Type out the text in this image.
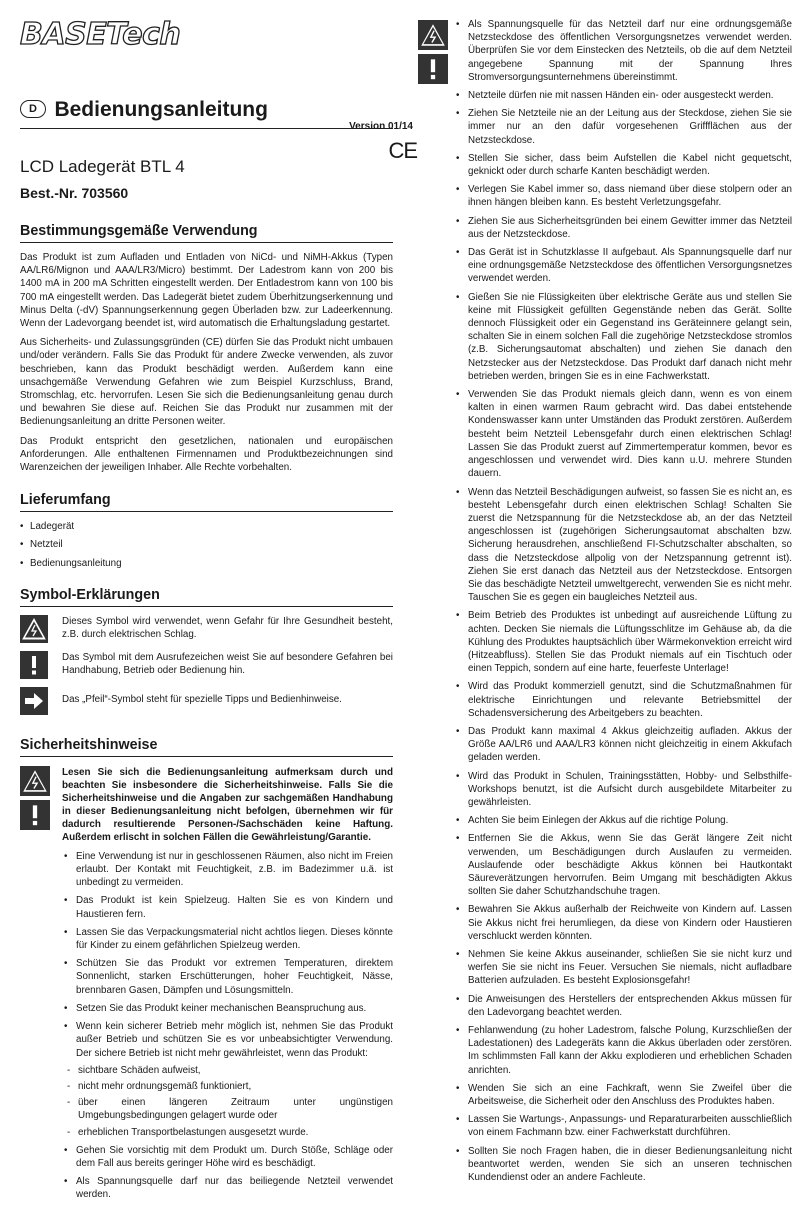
BASETech
D Bedienungsanleitung
Version 01/14
CE
LCD Ladegerät BTL 4
Best.-Nr. 703560
Bestimmungsgemäße Verwendung

Das Produkt ist zum Aufladen und Entladen von NiCd- und NiMH-Akkus (Typen AA/LR6/Mignon und AAA/LR3/Micro) bestimmt. Der Ladestrom kann von 200 bis 1400 mA in 200 mA Schritten eingestellt werden. Der Entladestrom kann von 100 bis 700 mA eingestellt werden. Das Ladegerät bietet zudem Überhitzungserkennung und Minus Delta (-dV) Spannungserkennung gegen Überladen bzw. zur Ladeerkennung. Wenn der Ladevorgang beendet ist, wird automatisch die Erhaltungsladung gestartet.

Aus Sicherheits- und Zulassungsgründen (CE) dürfen Sie das Produkt nicht umbauen und/oder verändern. Falls Sie das Produkt für andere Zwecke verwenden, als zuvor beschrieben, kann das Produkt beschädigt werden. Außerdem kann eine unsachgemäße Verwendung Gefahren wie zum Beispiel Kurzschluss, Brand, Stromschlag, etc. hervorrufen. Lesen Sie sich die Bedienungsanleitung genau durch und bewahren Sie diese auf. Reichen Sie das Produkt nur zusammen mit der Bedienungsanleitung an dritte Personen weiter.

Das Produkt entspricht den gesetzlichen, nationalen und europäischen Anforderungen. Alle enthaltenen Firmennamen und Produktbezeichnungen sind Warenzeichen der jeweiligen Inhaber. Alle Rechte vorbehalten.

Lieferumfang
• Ladegerät
• Netzteil
• Bedienungsanleitung
Symbol-Erklärungen
Dieses Symbol wird verwendet, wenn Gefahr für Ihre Gesundheit besteht, z.B. durch elektrischen Schlag.
Das Symbol mit dem Ausrufezeichen weist Sie auf besondere Gefahren bei Handhabung, Betrieb oder Bedienung hin.
Das „Pfeil“-Symbol steht für spezielle Tipps und Bedienhinweise.
Sicherheitshinweise
Lesen Sie sich die Bedienungsanleitung aufmerksam durch und beachten Sie insbesondere die Sicherheitshinweise. Falls Sie die Sicherheitshinweise und die Angaben zur sachgemäßen Handhabung in dieser Bedienungsanleitung nicht befolgen, übernehmen wir für dadurch resultierende Personen-/Sachschäden keine Haftung. Außerdem erlischt in solchen Fällen die Gewährleistung/Garantie.
• Eine Verwendung ist nur in geschlossenen Räumen, also nicht im Freien erlaubt. Der Kontakt mit Feuchtigkeit, z.B. im Badezimmer u.ä. ist unbedingt zu vermeiden.
• Das Produkt ist kein Spielzeug. Halten Sie es von Kindern und Haustieren fern.
• Lassen Sie das Verpackungsmaterial nicht achtlos liegen. Dieses könnte für Kinder zu einem gefährlichen Spielzeug werden.
• Schützen Sie das Produkt vor extremen Temperaturen, direktem Sonnenlicht, starken Erschütterungen, hoher Feuchtigkeit, Nässe, brennbaren Gasen, Dämpfen und Lösungsmitteln.
• Setzen Sie das Produkt keiner mechanischen Beanspruchung aus.
• Wenn kein sicherer Betrieb mehr möglich ist, nehmen Sie das Produkt außer Betrieb und schützen Sie es vor unbeabsichtigter Verwendung. Der sichere Betrieb ist nicht mehr gewährleistet, wenn das Produkt:
- sichtbare Schäden aufweist,
- nicht mehr ordnungsgemäß funktioniert,
- über einen längeren Zeitraum unter ungünstigen Umgebungsbedingungen gelagert wurde oder
- erheblichen Transportbelastungen ausgesetzt wurde.
• Gehen Sie vorsichtig mit dem Produkt um. Durch Stöße, Schläge oder dem Fall aus bereits geringer Höhe wird es beschädigt.
• Als Spannungsquelle darf nur das beiliegende Netzteil verwendet werden.
• Als Spannungsquelle für das Netzteil darf nur eine ordnungsgemäße Netzsteckdose des öffentlichen Versorgungsnetzes verwendet werden. Überprüfen Sie vor dem Einstecken des Netzteils, ob die auf dem Netzteil angegebene Spannung mit der Spannung Ihres Stromversorgungsunternehmens übereinstimmt.
• Netzteile dürfen nie mit nassen Händen ein- oder ausgesteckt werden.
• Ziehen Sie Netzteile nie an der Leitung aus der Steckdose, ziehen Sie sie immer nur an den dafür vorgesehenen Griffflächen aus der Netzsteckdose.
• Stellen Sie sicher, dass beim Aufstellen die Kabel nicht gequetscht, geknickt oder durch scharfe Kanten beschädigt werden.
• Verlegen Sie Kabel immer so, dass niemand über diese stolpern oder an ihnen hängen bleiben kann. Es besteht Verletzungsgefahr.
• Ziehen Sie aus Sicherheitsgründen bei einem Gewitter immer das Netzteil aus der Netzsteckdose.
• Das Gerät ist in Schutzklasse II aufgebaut. Als Spannungsquelle darf nur eine ordnungsgemäße Netzsteckdose des öffentlichen Versorgungsnetzes verwendet werden.
• Gießen Sie nie Flüssigkeiten über elektrische Geräte aus und stellen Sie keine mit Flüssigkeit gefüllten Gegenstände neben das Gerät. Sollte dennoch Flüssigkeit oder ein Gegenstand ins Geräteinnere gelangt sein, schalten Sie in einem solchen Fall die zugehörige Netzsteckdose stromlos (z.B. Sicherungsautomat abschalten) und ziehen Sie danach den Netzstecker aus der Netzsteckdose. Das Produkt darf danach nicht mehr betrieben werden, bringen Sie es in eine Fachwerkstatt.
• Verwenden Sie das Produkt niemals gleich dann, wenn es von einem kalten in einen warmen Raum gebracht wird. Das dabei entstehende Kondenswasser kann unter Umständen das Produkt zerstören. Außerdem besteht beim Netzteil Lebensgefahr durch einen elektrischen Schlag! Lassen Sie das Produkt zuerst auf Zimmertemperatur kommen, bevor es angeschlossen und verwendet wird. Dies kann u.U. mehrere Stunden dauern.
• Wenn das Netzteil Beschädigungen aufweist, so fassen Sie es nicht an, es besteht Lebensgefahr durch einen elektrischen Schlag! Schalten Sie zuerst die Netzspannung für die Netzsteckdose ab, an der das Netzteil angeschlossen ist (zugehörigen Sicherungsautomat abschalten bzw. Sicherung herausdrehen, anschließend FI-Schutzschalter abschalten, so dass die Netzsteckdose allpolig von der Netzspannung getrennt ist). Ziehen Sie erst danach das Netzteil aus der Netzsteckdose. Entsorgen Sie das beschädigte Netzteil umweltgerecht, verwenden Sie es nicht mehr. Tauschen Sie es gegen ein baugleiches Netzteil aus.
• Beim Betrieb des Produktes ist unbedingt auf ausreichende Lüftung zu achten. Decken Sie niemals die Lüftungsschlitze im Gehäuse ab, da die Kühlung des Produktes hauptsächlich über Wärmekonvektion erreicht wird (Hitzeabfluss). Stellen Sie das Produkt niemals auf ein Tischtuch oder einen Teppich, sondern auf eine harte, feuerfeste Unterlage!
• Wird das Produkt kommerziell genutzt, sind die Schutzmaßnahmen für elektrische Einrichtungen und relevante Betriebsmittel der Schadensversicherung des Arbeitgebers zu beachten.
• Das Produkt kann maximal 4 Akkus gleichzeitig aufladen. Akkus der Größe AA/LR6 und AAA/LR3 können nicht gleichzeitig in einem Akkufach geladen werden.
• Wird das Produkt in Schulen, Trainingsstätten, Hobby- und Selbsthilfe-Workshops benutzt, ist die Aufsicht durch ausgebildete Mitarbeiter zu gewährleisten.
• Achten Sie beim Einlegen der Akkus auf die richtige Polung.
• Entfernen Sie die Akkus, wenn Sie das Gerät längere Zeit nicht verwenden, um Beschädigungen durch Auslaufen zu vermeiden. Auslaufende oder beschädigte Akkus können bei Hautkontakt Säureverätzungen hervorrufen. Beim Umgang mit beschädigten Akkus sollten Sie daher Schutzhandschuhe tragen.
• Bewahren Sie Akkus außerhalb der Reichweite von Kindern auf. Lassen Sie Akkus nicht frei herumliegen, da diese von Kindern oder Haustieren verschluckt werden könnten.
• Nehmen Sie keine Akkus auseinander, schließen Sie sie nicht kurz und werfen Sie sie nicht ins Feuer. Versuchen Sie niemals, nicht aufladbare Batterien aufzuladen. Es besteht Explosionsgefahr!
• Die Anweisungen des Herstellers der entsprechenden Akkus müssen für den Ladevorgang beachtet werden.
• Fehlanwendung (zu hoher Ladestrom, falsche Polung, Kurzschließen der Ladestationen) des Ladegeräts kann die Akkus überladen oder zerstören. Im schlimmsten Fall kann der Akku explodieren und erheblichen Schaden anrichten.
• Wenden Sie sich an eine Fachkraft, wenn Sie Zweifel über die Arbeitsweise, die Sicherheit oder den Anschluss des Produktes haben.
• Lassen Sie Wartungs-, Anpassungs- und Reparaturarbeiten ausschließlich von einem Fachmann bzw. einer Fachwerkstatt durchführen.
• Sollten Sie noch Fragen haben, die in dieser Bedienungsanleitung nicht beantwortet werden, wenden Sie sich an unseren technischen Kundendienst oder an andere Fachleute.
